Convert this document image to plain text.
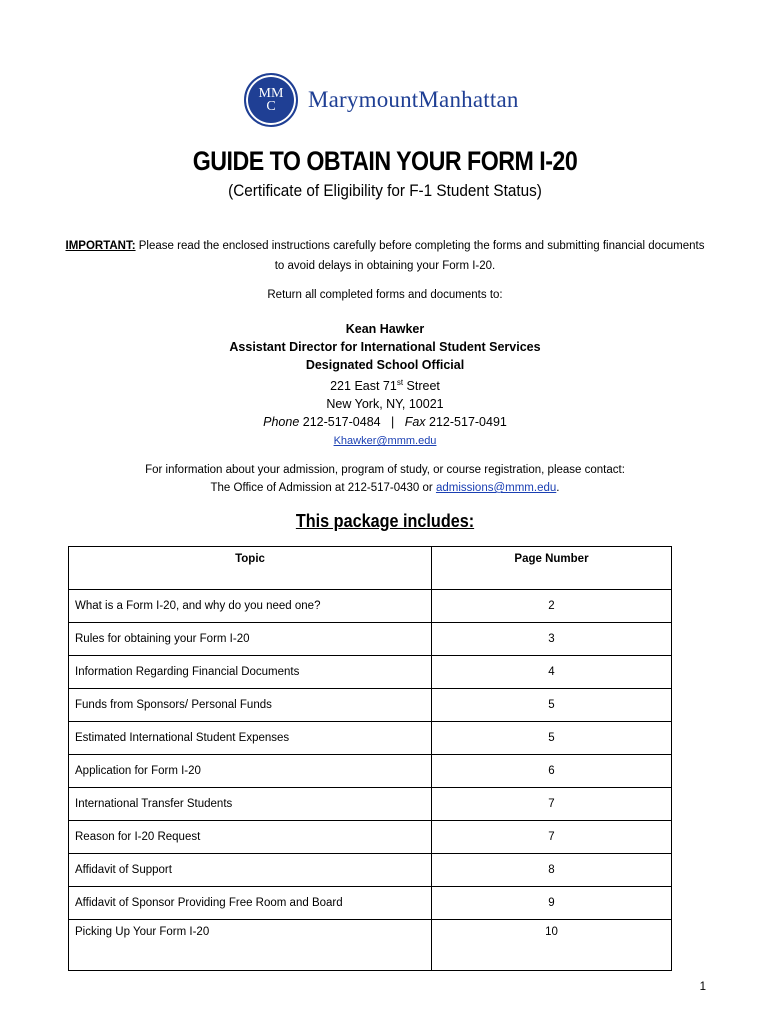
MM
C MarymountManhattan
GUIDE TO OBTAIN YOUR FORM I-20
(Certificate of Eligibility for F-1 Student Status)
IMPORTANT: Please read the enclosed instructions carefully before completing the forms and submitting financial documents to avoid delays in obtaining your Form I-20.
Return all completed forms and documents to:
Kean Hawker
Assistant Director for International Student Services
Designated School Official
221 East 71st Street
New York, NY, 10021
Phone 212-517-0484   |   Fax 212-517-0491
Khawker@mmm.edu
For information about your admission, program of study, or course registration, please contact:
The Office of Admission at 212-517-0430 or admissions@mmm.edu.
This package includes:
Topic	Page Number
What is a Form I-20, and why do you need one?	2
Rules for obtaining your Form I-20	3
Information Regarding Financial Documents	4
Funds from Sponsors/ Personal Funds	5
Estimated International Student Expenses	5
Application for Form I-20	6
International Transfer Students	7
Reason for I-20 Request	7
Affidavit of Support	8
Affidavit of Sponsor Providing Free Room and Board	9
Picking Up Your Form I-20	10
1
